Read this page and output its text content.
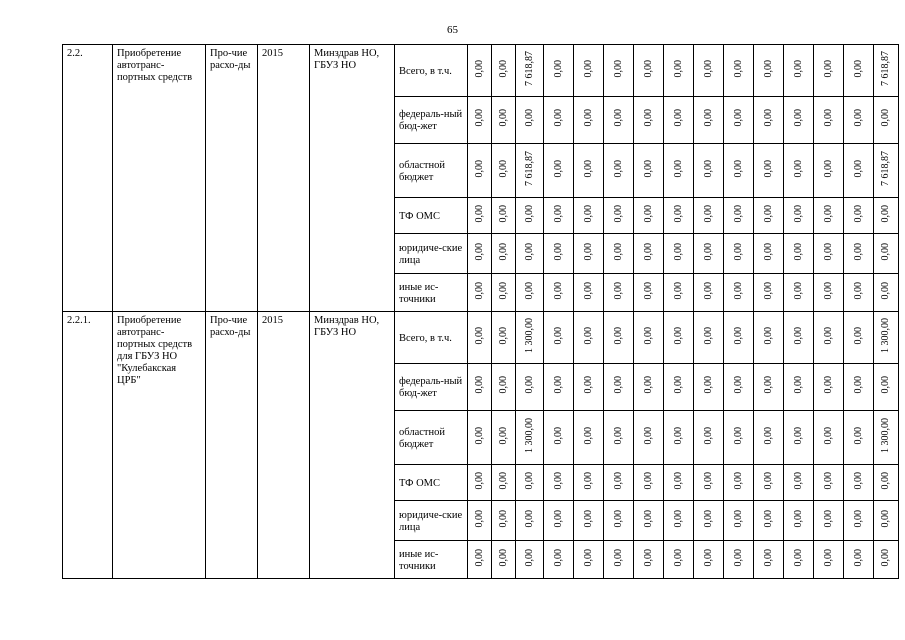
65
2.2.	Приобретение автотранс-портных средств	Про-чие расхо-ды	2015	Минздрав НО, ГБУЗ НО	Всего, в т.ч.	0,00	0,00	7 618,87	0,00	0,00	0,00	0,00	0,00	0,00	0,00	0,00	0,00	0,00	0,00	7 618,87
					федераль-ный бюд-жет	0,00	0,00	0,00	0,00	0,00	0,00	0,00	0,00	0,00	0,00	0,00	0,00	0,00	0,00	0,00
					областной бюджет	0,00	0,00	7 618,87	0,00	0,00	0,00	0,00	0,00	0,00	0,00	0,00	0,00	0,00	0,00	7 618,87
					ТФ ОМС	0,00	0,00	0,00	0,00	0,00	0,00	0,00	0,00	0,00	0,00	0,00	0,00	0,00	0,00	0,00
					юридиче-ские лица	0,00	0,00	0,00	0,00	0,00	0,00	0,00	0,00	0,00	0,00	0,00	0,00	0,00	0,00	0,00
					иные ис-точники	0,00	0,00	0,00	0,00	0,00	0,00	0,00	0,00	0,00	0,00	0,00	0,00	0,00	0,00	0,00
2.2.1.	Приобретение автотранс-портных средств для ГБУЗ НО "Кулебакская ЦРБ"	Про-чие расхо-ды	2015	Минздрав НО, ГБУЗ НО	Всего, в т.ч.	0,00	0,00	1 300,00	0,00	0,00	0,00	0,00	0,00	0,00	0,00	0,00	0,00	0,00	0,00	1 300,00
					федераль-ный бюд-жет	0,00	0,00	0,00	0,00	0,00	0,00	0,00	0,00	0,00	0,00	0,00	0,00	0,00	0,00	0,00
					областной бюджет	0,00	0,00	1 300,00	0,00	0,00	0,00	0,00	0,00	0,00	0,00	0,00	0,00	0,00	0,00	1 300,00
					ТФ ОМС	0,00	0,00	0,00	0,00	0,00	0,00	0,00	0,00	0,00	0,00	0,00	0,00	0,00	0,00	0,00
					юридиче-ские лица	0,00	0,00	0,00	0,00	0,00	0,00	0,00	0,00	0,00	0,00	0,00	0,00	0,00	0,00	0,00
					иные ис-точники	0,00	0,00	0,00	0,00	0,00	0,00	0,00	0,00	0,00	0,00	0,00	0,00	0,00	0,00	0,00
